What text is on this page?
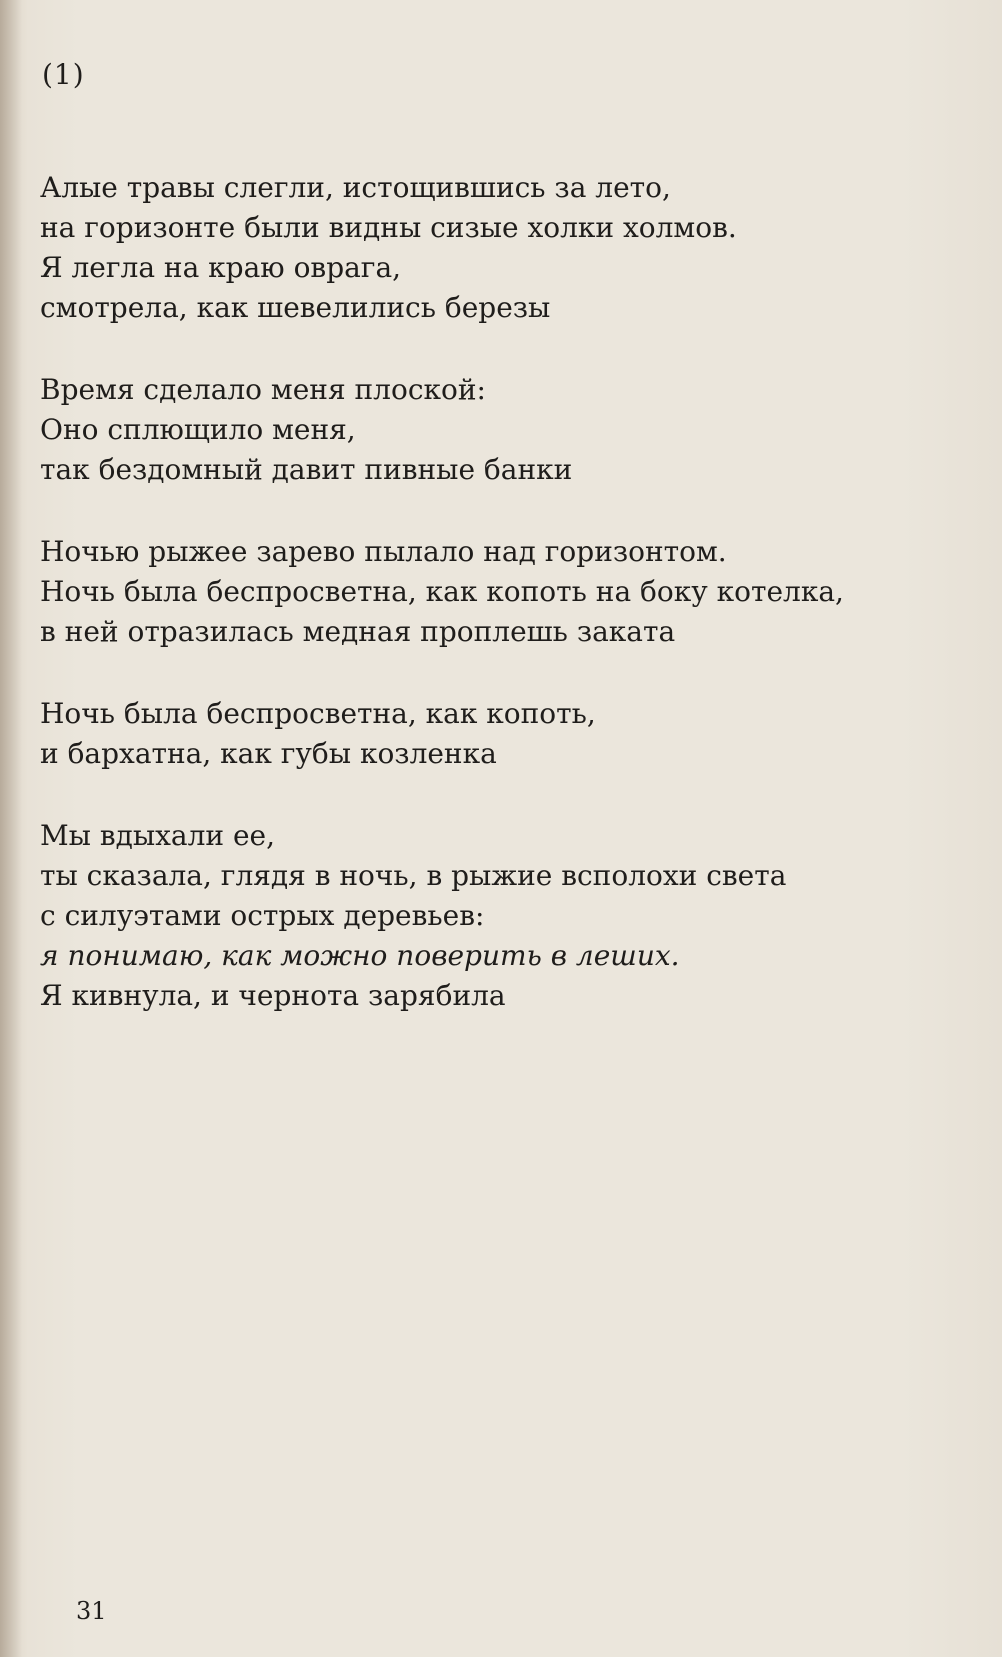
(1)
Алые травы слегли, истощившись за лето,
на горизонте были видны сизые холки холмов.
Я легла на краю оврага,
смотрела, как шевелились березы
Время сделало меня плоской:
Оно сплющило меня,
так бездомный давит пивные банки
Ночью рыжее зарево пылало над горизонтом.
Ночь была беспросветна, как копоть на боку котелка,
в ней отразилась медная проплешь заката
Ночь была беспросветна, как копоть,
и бархатна, как губы козленка
Мы вдыхали ее,
ты сказала, глядя в ночь, в рыжие всполохи света
с силуэтами острых деревьев:
я понимаю, как можно поверить в леших.
Я кивнула, и чернота зарябила
31
